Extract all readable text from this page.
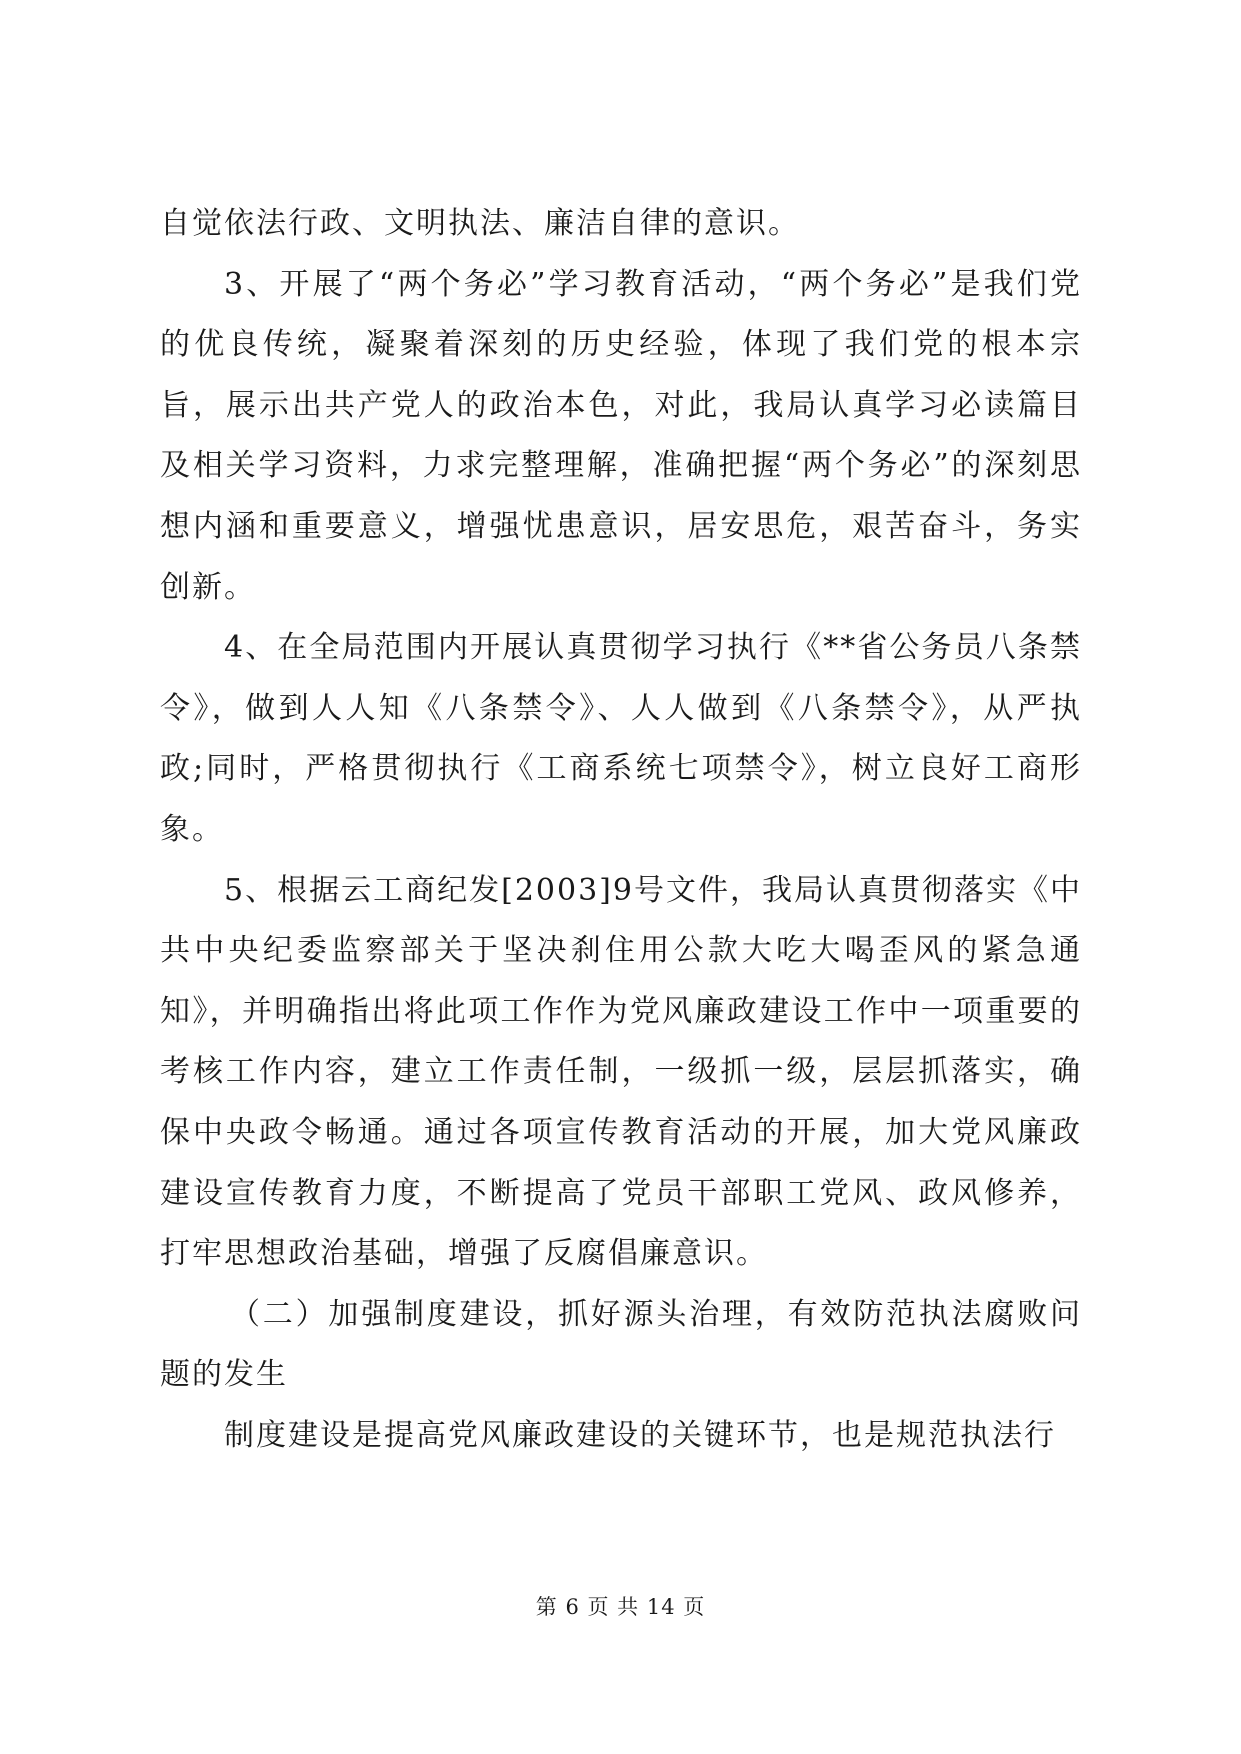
自觉依法行政、文明执法、廉洁自律的意识。

3、开展了“两个务必”学习教育活动，“两个务必”是我们党的优良传统，凝聚着深刻的历史经验，体现了我们党的根本宗旨，展示出共产党人的政治本色，对此，我局认真学习必读篇目及相关学习资料，力求完整理解，准确把握“两个务必”的深刻思想内涵和重要意义，增强忧患意识，居安思危，艰苦奋斗，务实创新。

4、在全局范围内开展认真贯彻学习执行《**省公务员八条禁令》，做到人人知《八条禁令》、人人做到《八条禁令》，从严执政;同时，严格贯彻执行《工商系统七项禁令》，树立良好工商形象。

5、根据云工商纪发[2003]9号文件，我局认真贯彻落实《中共中央纪委监察部关于坚决刹住用公款大吃大喝歪风的紧急通知》，并明确指出将此项工作作为党风廉政建设工作中一项重要的考核工作内容，建立工作责任制，一级抓一级，层层抓落实，确保中央政令畅通。通过各项宣传教育活动的开展，加大党风廉政建设宣传教育力度，不断提高了党员干部职工党风、政风修养，打牢思想政治基础，增强了反腐倡廉意识。

（二）加强制度建设，抓好源头治理，有效防范执法腐败问题的发生

制度建设是提高党风廉政建设的关键环节，也是规范执法行

第 6 页 共 14 页
